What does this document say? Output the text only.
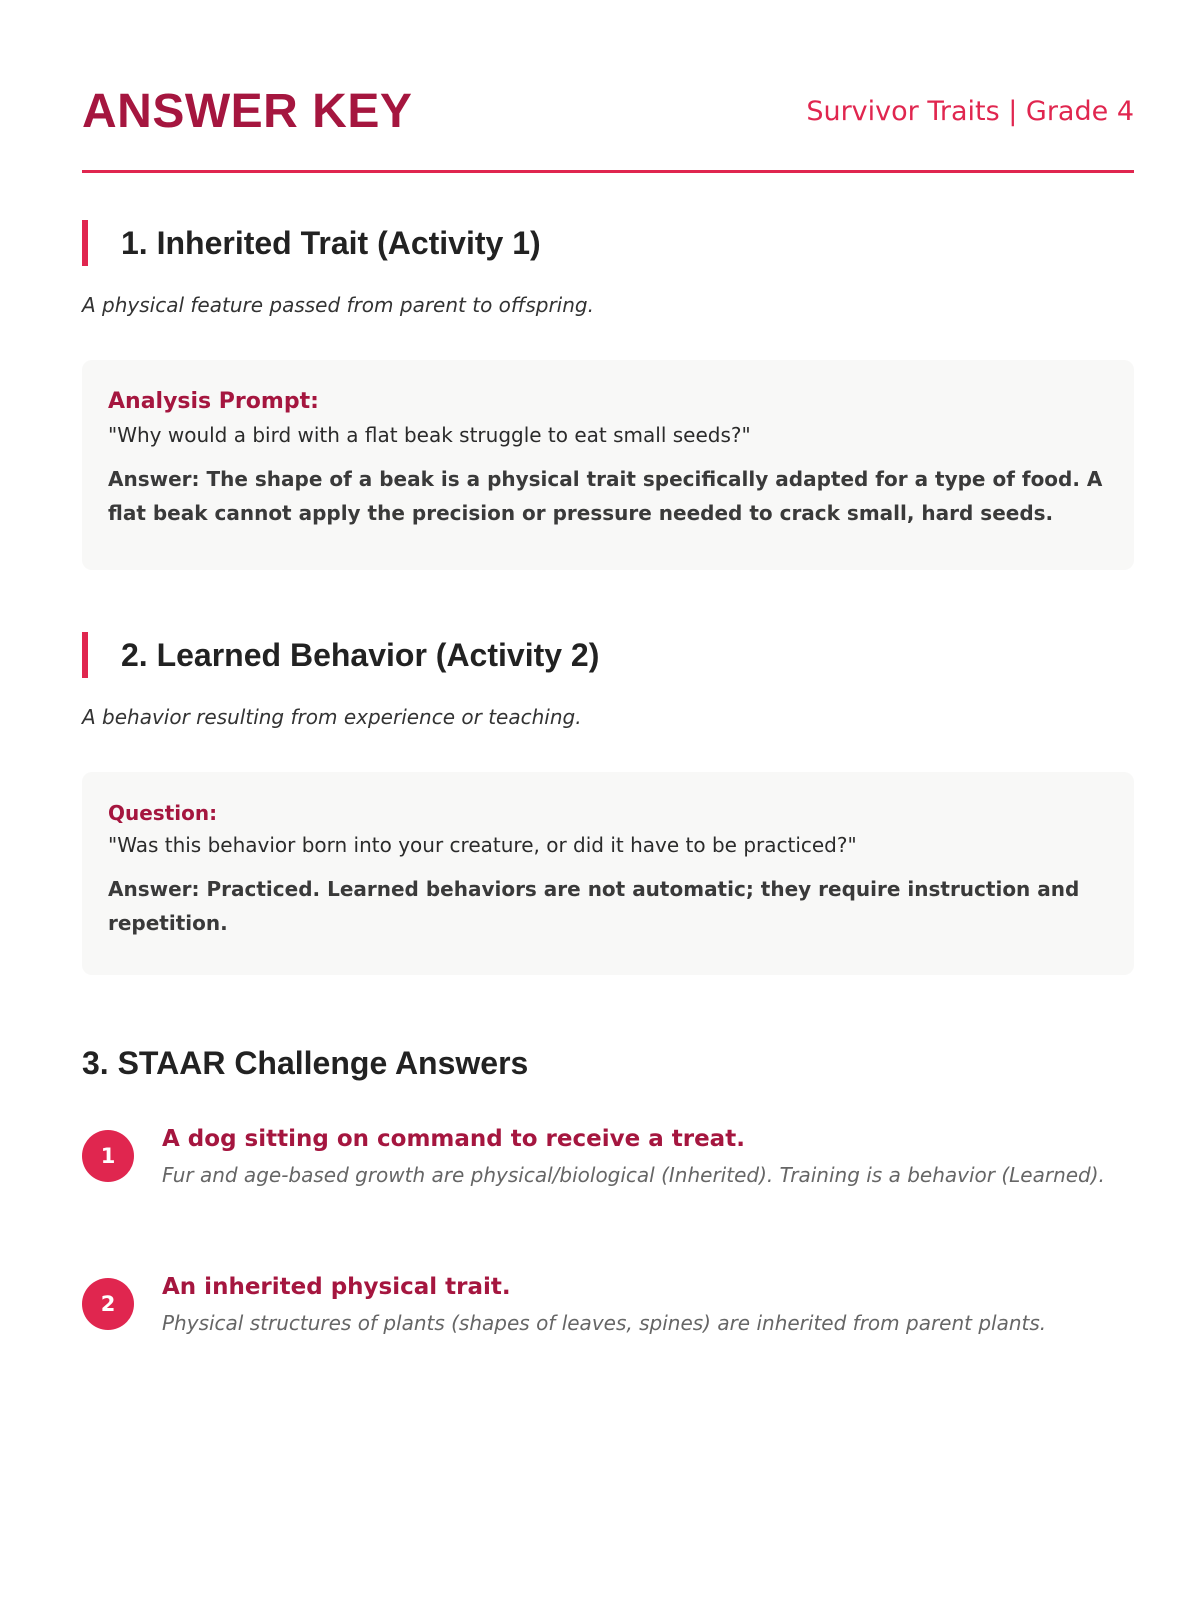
ANSWER KEY	Survivor Traits | Grade 4
1. Inherited Trait (Activity 1)

A physical feature passed from parent to offspring.

Analysis Prompt:

"Why would a bird with a flat beak struggle to eat small seeds?"

Answer: The shape of a beak is a physical trait specifically adapted for a type of food. A flat beak cannot apply the precision or pressure needed to crack small, hard seeds.

2. Learned Behavior (Activity 2)

A behavior resulting from experience or teaching.

Question:

"Was this behavior born into your creature, or did it have to be practiced?"

Answer: Practiced. Learned behaviors are not automatic; they require instruction and repetition.

3. STAAR Challenge Answers
1

A dog sitting on command to receive a treat.

Fur and age-based growth are physical/biological (Inherited). Training is a behavior (Learned).

2

An inherited physical trait.

Physical structures of plants (shapes of leaves, spines) are inherited from parent plants.
